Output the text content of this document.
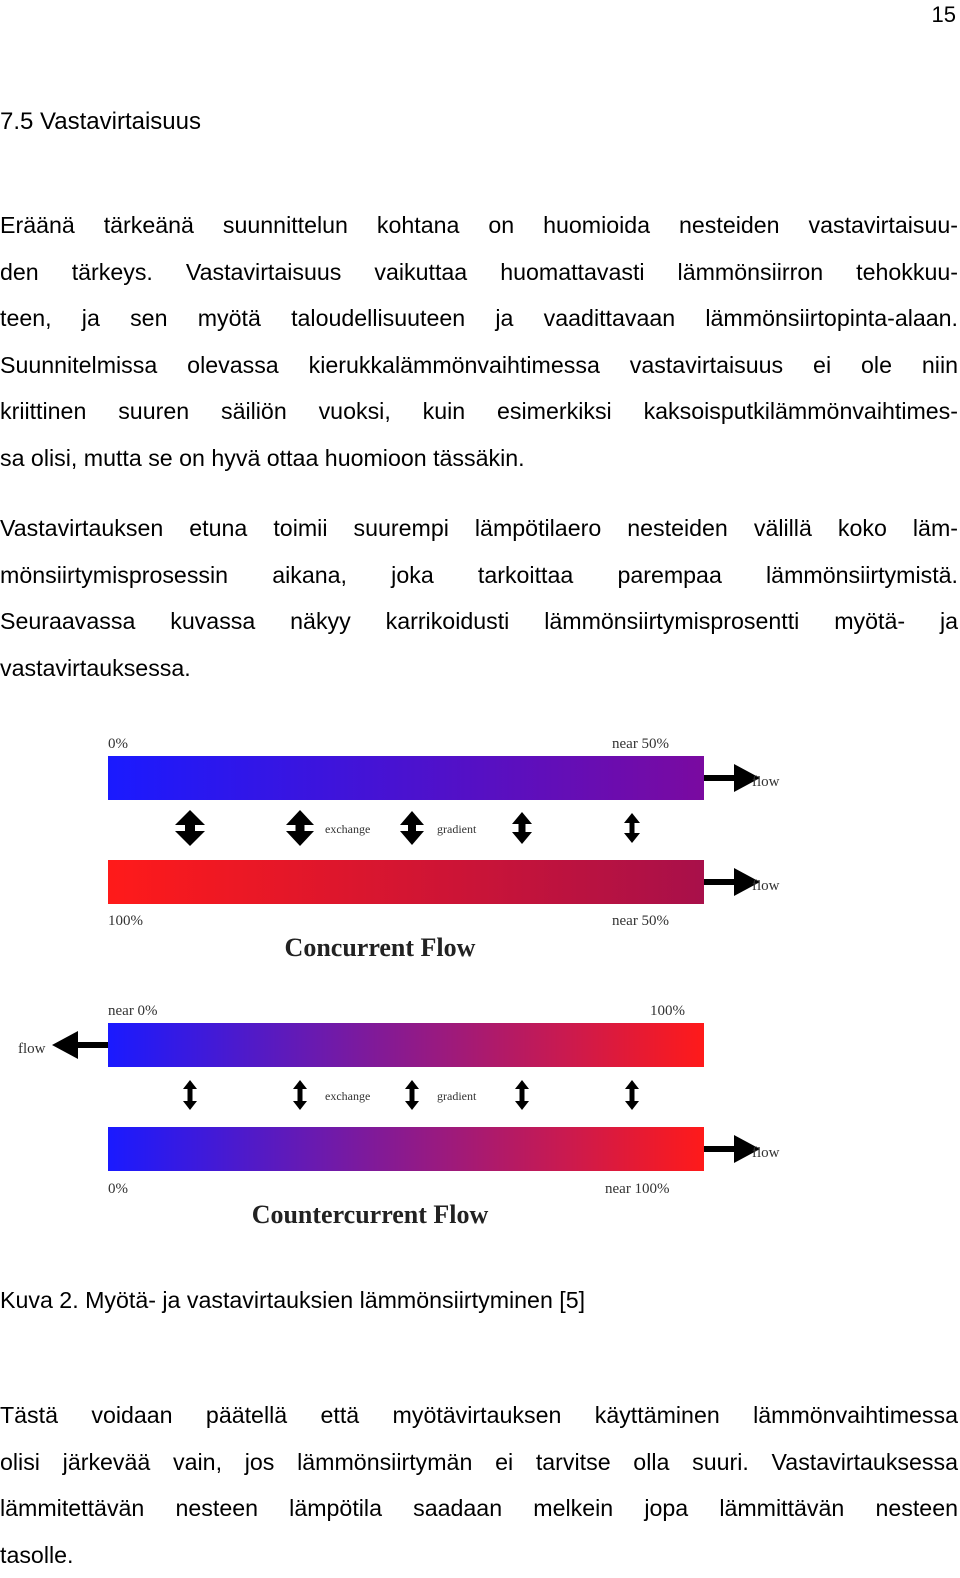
15
7.5 Vastavirtaisuus
Eräänä tärkeänä suunnittelun kohtana on huomioida nesteiden vastavirtaisuu-
den tärkeys. Vastavirtaisuus vaikuttaa huomattavasti lämmönsiirron tehokkuu-
teen, ja sen myötä taloudellisuuteen ja vaadittavaan lämmönsiirtopinta-alaan.
Suunnitelmissa olevassa kierukkalämmönvaihtimessa vastavirtaisuus ei ole niin
kriittinen suuren säiliön vuoksi, kuin esimerkiksi kaksoisputkilämmönvaihtimes-
sa olisi, mutta se on hyvä ottaa huomioon tässäkin.
Vastavirtauksen etuna toimii suurempi lämpötilaero nesteiden välillä koko läm-
mönsiirtymisprosessin aikana, joka tarkoittaa parempaa lämmönsiirtymistä.
Seuraavassa kuvassa näkyy karrikoidusti lämmönsiirtymisprosentti myötä- ja
vastavirtauksessa.
0%	near 50%
flow
exchange	gradient
flow
100%	near 50%
Concurrent Flow
near 0%	100%
flow
exchange	gradient
flow
0%	near 100%
Countercurrent Flow
Kuva 2. Myötä- ja vastavirtauksien lämmönsiirtyminen [5]
Tästä voidaan päätellä että myötävirtauksen käyttäminen lämmönvaihtimessa
olisi järkevää vain, jos lämmönsiirtymän ei tarvitse olla suuri. Vastavirtauksessa
lämmitettävän nesteen lämpötila saadaan melkein jopa lämmittävän nesteen
tasolle.
